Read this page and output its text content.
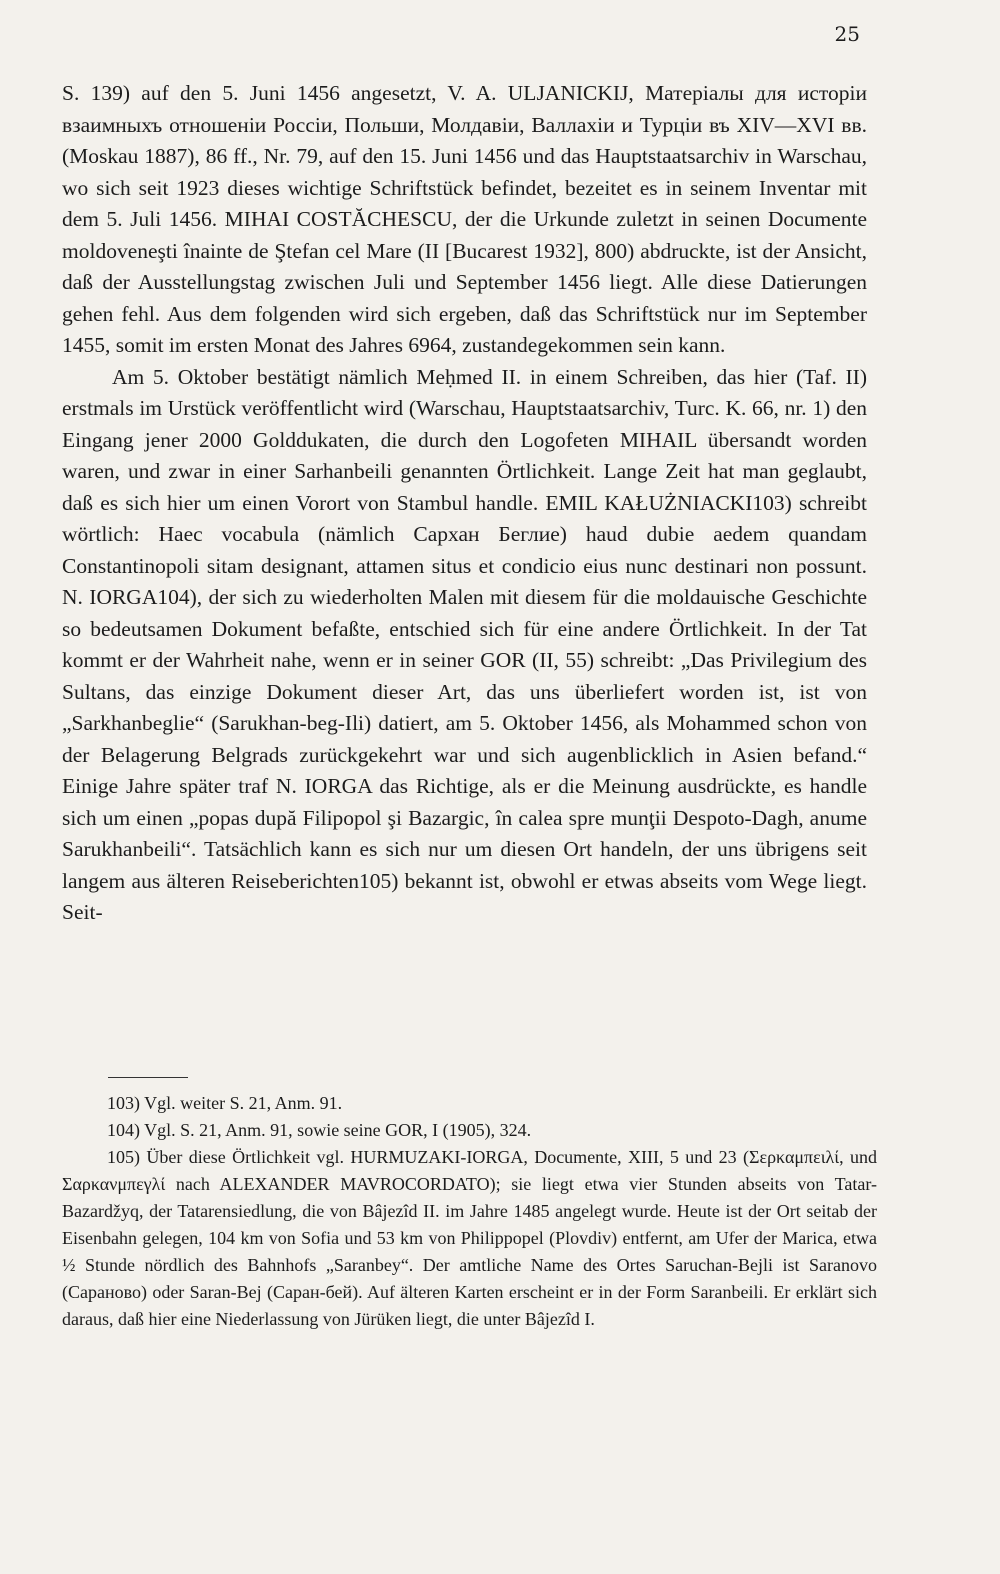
25

S. 139) auf den 5. Juni 1456 angesetzt, V. A. ULJANICKIJ, Матеріалы для исторiи взаимныхъ отношенiи Россiи, Польши, Молдавiи, Валлахiи и Турцiи въ XIV—XVI вв. (Moskau 1887), 86 ff., Nr. 79, auf den 15. Juni 1456 und das Hauptstaatsarchiv in Warschau, wo sich seit 1923 dieses wichtige Schriftstück befindet, bezeitet es in seinem Inventar mit dem 5. Juli 1456. MIHAI COSTĂCHESCU, der die Urkunde zuletzt in seinen Documente moldoveneşti înainte de Ştefan cel Mare (II [Bucarest 1932], 800) abdruckte, ist der Ansicht, daß der Ausstellungstag zwischen Juli und September 1456 liegt. Alle diese Datierungen gehen fehl. Aus dem folgenden wird sich ergeben, daß das Schriftstück nur im September 1455, somit im ersten Monat des Jahres 6964, zustandegekommen sein kann.

Am 5. Oktober bestätigt nämlich Meḥmed II. in einem Schreiben, das hier (Taf. II) erstmals im Urstück veröffentlicht wird (Warschau, Hauptstaatsarchiv, Turc. K. 66, nr. 1) den Eingang jener 2000 Golddukaten, die durch den Logofeten MIHAIL übersandt worden waren, und zwar in einer Sarhanbeili genannten Örtlichkeit. Lange Zeit hat man geglaubt, daß es sich hier um einen Vorort von Stambul handle. EMIL KAŁUŻNIACKI103) schreibt wörtlich: Haec vocabula (nämlich Сархан Беглие) haud dubie aedem quandam Constantinopoli sitam designant, attamen situs et condicio eius nunc destinari non possunt. N. IORGA104), der sich zu wiederholten Malen mit diesem für die moldauische Geschichte so bedeutsamen Dokument befaßte, entschied sich für eine andere Örtlichkeit. In der Tat kommt er der Wahrheit nahe, wenn er in seiner GOR (II, 55) schreibt: „Das Privilegium des Sultans, das einzige Dokument dieser Art, das uns überliefert worden ist, ist von „Sarkhanbeglie“ (Sarukhan-beg-Ili) datiert, am 5. Oktober 1456, als Mohammed schon von der Belagerung Belgrads zurückgekehrt war und sich augenblicklich in Asien befand.“ Einige Jahre später traf N. IORGA das Richtige, als er die Meinung ausdrückte, es handle sich um einen „popas după Filipopol şi Bazargic, în calea spre munţii Despoto-Dagh, anume Sarukhanbeili“. Tatsächlich kann es sich nur um diesen Ort handeln, der uns übrigens seit langem aus älteren Reiseberichten105) bekannt ist, obwohl er etwas abseits vom Wege liegt. Seit-

103) Vgl. weiter S. 21, Anm. 91.

104) Vgl. S. 21, Anm. 91, sowie seine GOR, I (1905), 324.

105) Über diese Örtlichkeit vgl. HURMUZAKI-IORGA, Documente, XIII, 5 und 23 (Σερκαμπειλί, und Σαρκανμπεγλί nach ALEXANDER MAVROCORDATO); sie liegt etwa vier Stunden abseits von Tatar-Bazardžyq, der Tatarensiedlung, die von Bâjezîd II. im Jahre 1485 angelegt wurde. Heute ist der Ort seitab der Eisenbahn gelegen, 104 km von Sofia und 53 km von Philippopel (Plovdiv) entfernt, am Ufer der Marica, etwa ½ Stunde nördlich des Bahnhofs „Saranbey“. Der amtliche Name des Ortes Saruchan-Bejli ist Saranovo (Сараново) oder Saran-Bej (Саран-бей). Auf älteren Karten erscheint er in der Form Saranbeili. Er erklärt sich daraus, daß hier eine Niederlassung von Jürüken liegt, die unter Bâjezîd I.
